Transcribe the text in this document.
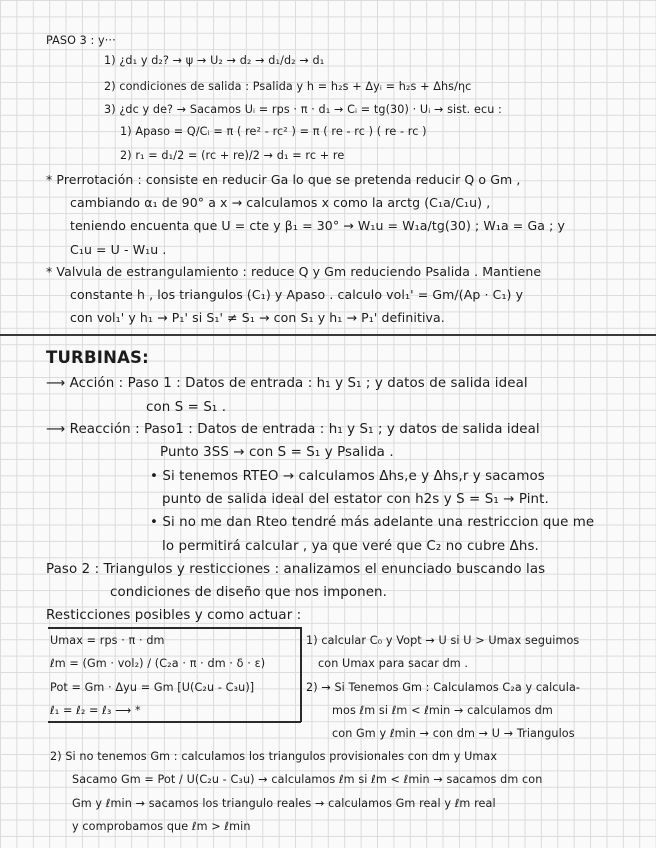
PASO 3 : y···
1) ¿d₁ y d₂? → ψ → U₂ → d₂ → d₁/d₂ → d₁
2) condiciones de salida : Psalida y h = h₂s + Δyᵢ = h₂s + Δhs/ηc
3) ¿dc y de? → Sacamos Uᵢ = rps · π · d₁ → Cᵢ = tg(30) · Uᵢ → sist. ecu :
1) Apaso = Q/Cᵢ = π ( re² - rc² ) = π ( re - rc ) ( re - rc )
2) r₁ = d₁/2 = (rc + re)/2 → d₁ = rc + re
* Prerrotación : consiste en reducir Ga lo que se pretenda reducir Q o Gm ,
cambiando α₁ de 90° a x → calculamos x como la arctg (C₁a/C₁u) ,
teniendo encuenta que U = cte y β₁ = 30° → W₁u = W₁a/tg(30) ; W₁a = Ga ; y
C₁u = U - W₁u .
* Valvula de estrangulamiento : reduce Q y Gm reduciendo Psalida . Mantiene
constante h , los triangulos (C₁) y Apaso . calculo vol₁' = Gm/(Ap · C₁) y
con vol₁' y h₁ → P₁' si S₁' ≠ S₁ → con S₁ y h₁ → P₁' definitiva.
TURBINAS:
⟶ Acción : Paso 1 : Datos de entrada : h₁ y S₁ ; y datos de salida ideal
con S = S₁ .
⟶ Reacción : Paso1 : Datos de entrada : h₁ y S₁ ; y datos de salida ideal
Punto 3SS → con S = S₁ y Psalida .
• Si tenemos RTEO → calculamos Δhs,e y Δhs,r y sacamos
punto de salida ideal del estator con h2s y S = S₁ → Pint.
• Si no me dan Rteo tendré más adelante una restriccion que me
lo permitirá calcular , ya que veré que C₂ no cubre Δhs.
Paso 2 : Triangulos y resticciones : analizamos el enunciado buscando las
condiciones de diseño que nos imponen.
Resticciones posibles y como actuar :
Umax = rps · π · dm
ℓm = (Gm · vol₂) / (C₂a · π · dm · δ · ε)
Pot = Gm · Δyu = Gm [U(C₂u - C₃u)]
ℓ₁ = ℓ₂ = ℓ₃ ⟶ *
1) calcular C₀ y Vopt → U si U > Umax seguimos
con Umax para sacar dm .
2) → Si Tenemos Gm : Calculamos C₂a y calcula-
mos ℓm si ℓm < ℓmin → calculamos dm
con Gm y ℓmin → con dm → U → Triangulos
2) Si no tenemos Gm : calculamos los triangulos provisionales con dm y Umax
Sacamo Gm = Pot / U(C₂u - C₃u) → calculamos ℓm si ℓm < ℓmin → sacamos dm con
Gm y ℓmin → sacamos los triangulo reales → calculamos Gm real y ℓm real
y comprobamos que ℓm > ℓmin
